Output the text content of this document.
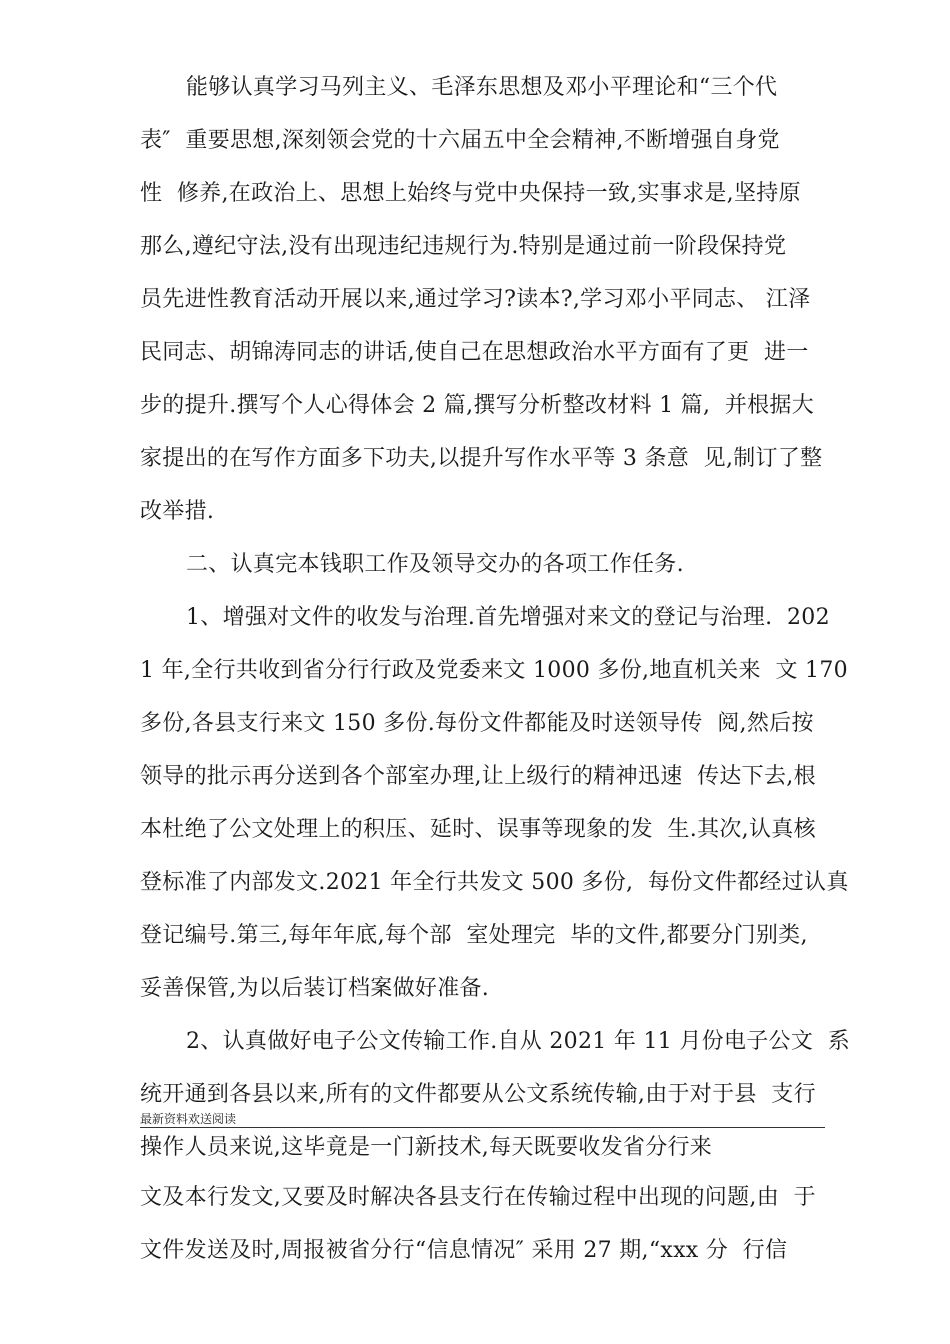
能够认真学习马列主义、毛泽东思想及邓小平理论和“三个代
表″  重要思想,深刻领会党的十六届五中全会精神,不断增强自身党
性  修养,在政治上、思想上始终与党中央保持一致,实事求是,坚持原
那么,遵纪守法,没有出现违纪违规行为.特别是通过前一阶段保持党
员先进性教育活动开展以来,通过学习?读本?,学习邓小平同志、 江泽
民同志、胡锦涛同志的讲话,使自己在思想政治水平方面有了更  进一
步的提升.撰写个人心得体会 2 篇,撰写分析整改材料 1 篇,  并根据大
家提出的在写作方面多下功夫,以提升写作水平等 3 条意  见,制订了整
改举措.
二、认真完本钱职工作及领导交办的各项工作任务.
1、增强对文件的收发与治理.首先增强对来文的登记与治理.  202
1 年,全行共收到省分行行政及党委来文 1000 多份,地直机关来  文 170
多份,各县支行来文 150 多份.每份文件都能及时送领导传  阅,然后按
领导的批示再分送到各个部室办理,让上级行的精神迅速  传达下去,根
本杜绝了公文处理上的积压、延时、误事等现象的发  生.其次,认真核
登标准了内部发文.2021 年全行共发文 500 多份,  每份文件都经过认真
登记编号.第三,每年年底,每个部  室处理完  毕的文件,都要分门别类,
妥善保管,为以后装订档案做好准备.
2、认真做好电子公文传输工作.自从 2021 年 11 月份电子公文  系
统开通到各县以来,所有的文件都要从公文系统传输,由于对于县  支行
操作人员来说,这毕竟是一门新技术,每天既要收发省分行来
最新资料欢送阅读
文及本行发文,又要及时解决各县支行在传输过程中出现的问题,由  于
文件发送及时,周报被省分行“信息情况″ 采用 27 期,“xxx 分  行信
